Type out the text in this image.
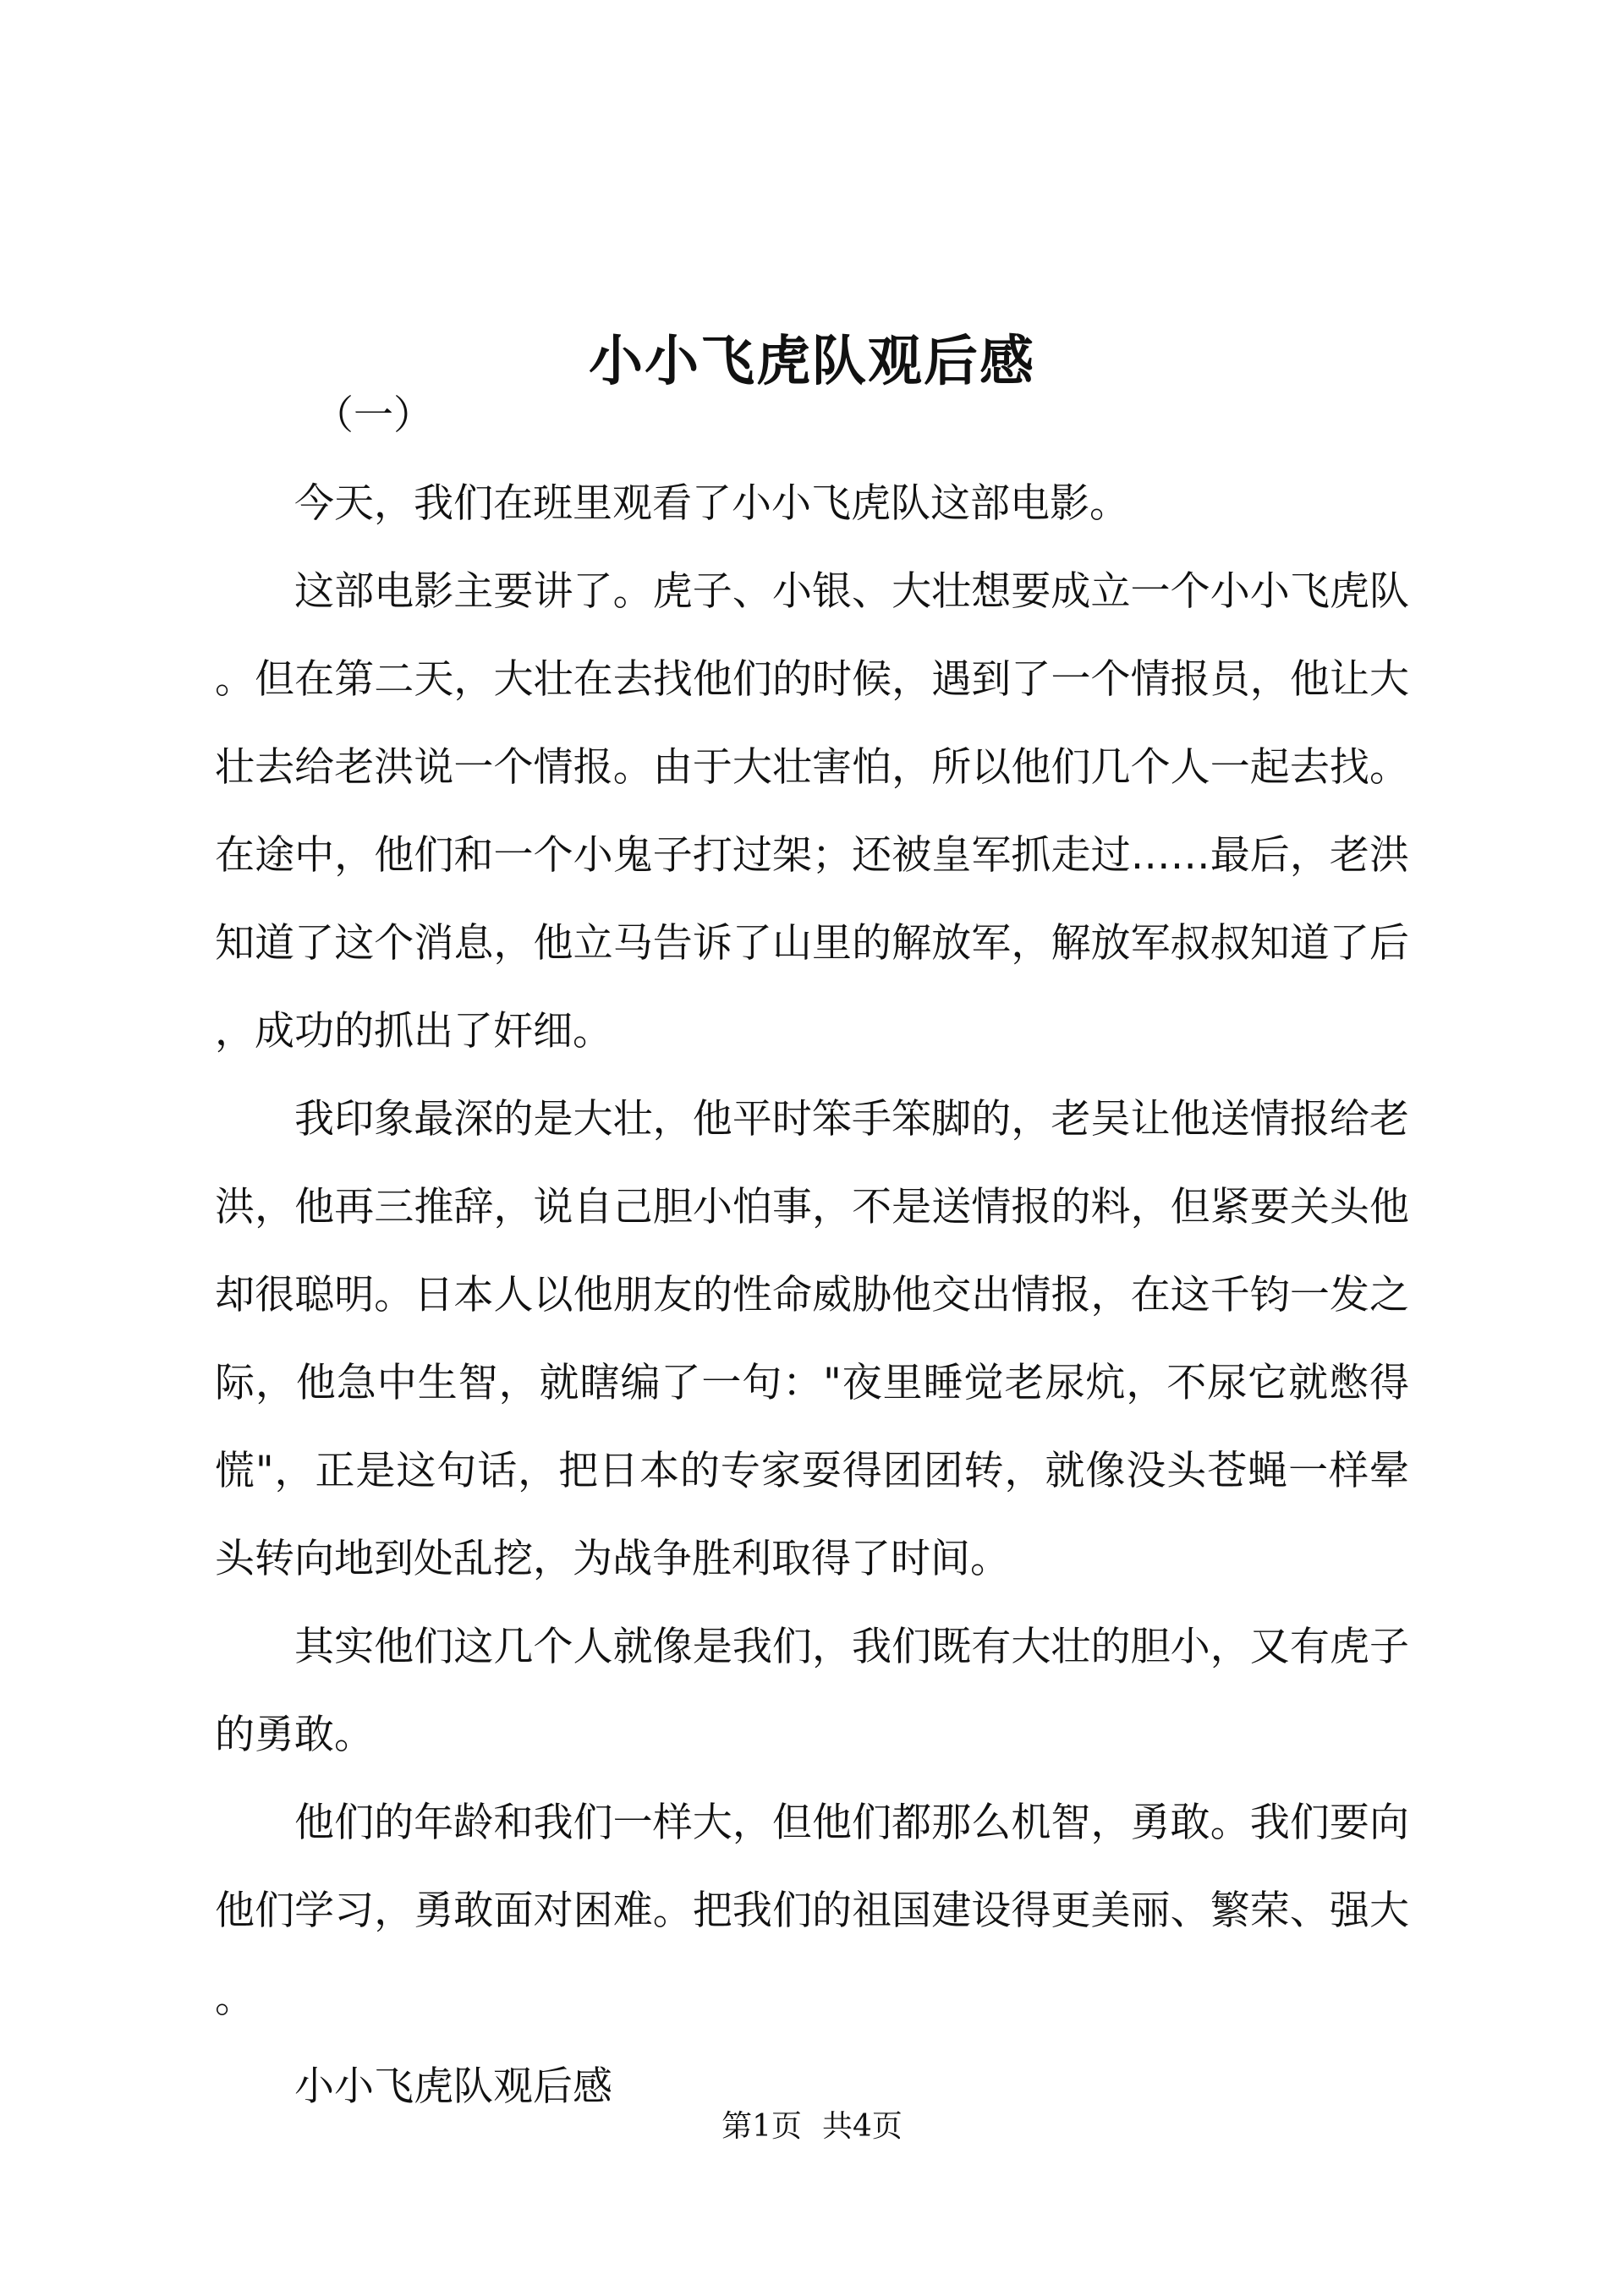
小小飞虎队观后感

（一）

今天，我们在班里观看了小小飞虎队这部电影。

这部电影主要讲了。虎子、小银、大壮想要成立一个小小飞虎队。但在第二天，大壮在去找他们的时候，遇到了一个情报员，他让大壮去给老洪说一个情报。由于大壮害怕，所以他们几个人一起去找。在途中，他们和一个小鬼子打过架；还被皇军抓走过……最后，老洪知道了这个消息，他立马告诉了山里的解放军，解放军叔叔知道了后，成功的抓出了奸细。

我印象最深的是大壮，他平时笨手笨脚的，老吴让他送情报给老洪，他再三推辞，说自己胆小怕事，不是送情报的料，但紧要关头他却很聪明。日本人以他朋友的性命威胁他交出情报，在这千钧一发之际，他急中生智，就瞎编了一句："夜里睡觉老尿炕，不尿它就憋得慌"，正是这句话，把日本的专家耍得团团转，就像没头苍蝇一样晕头转向地到处乱挖，为战争胜利取得了时间。

其实他们这几个人就像是我们，我们既有大壮的胆小，又有虎子的勇敢。

他们的年龄和我们一样大，但他们都那么机智，勇敢。我们要向他们学习，勇敢面对困难。把我们的祖国建设得更美丽、繁荣、强大。

小小飞虎队观后感

第1页 共4页
